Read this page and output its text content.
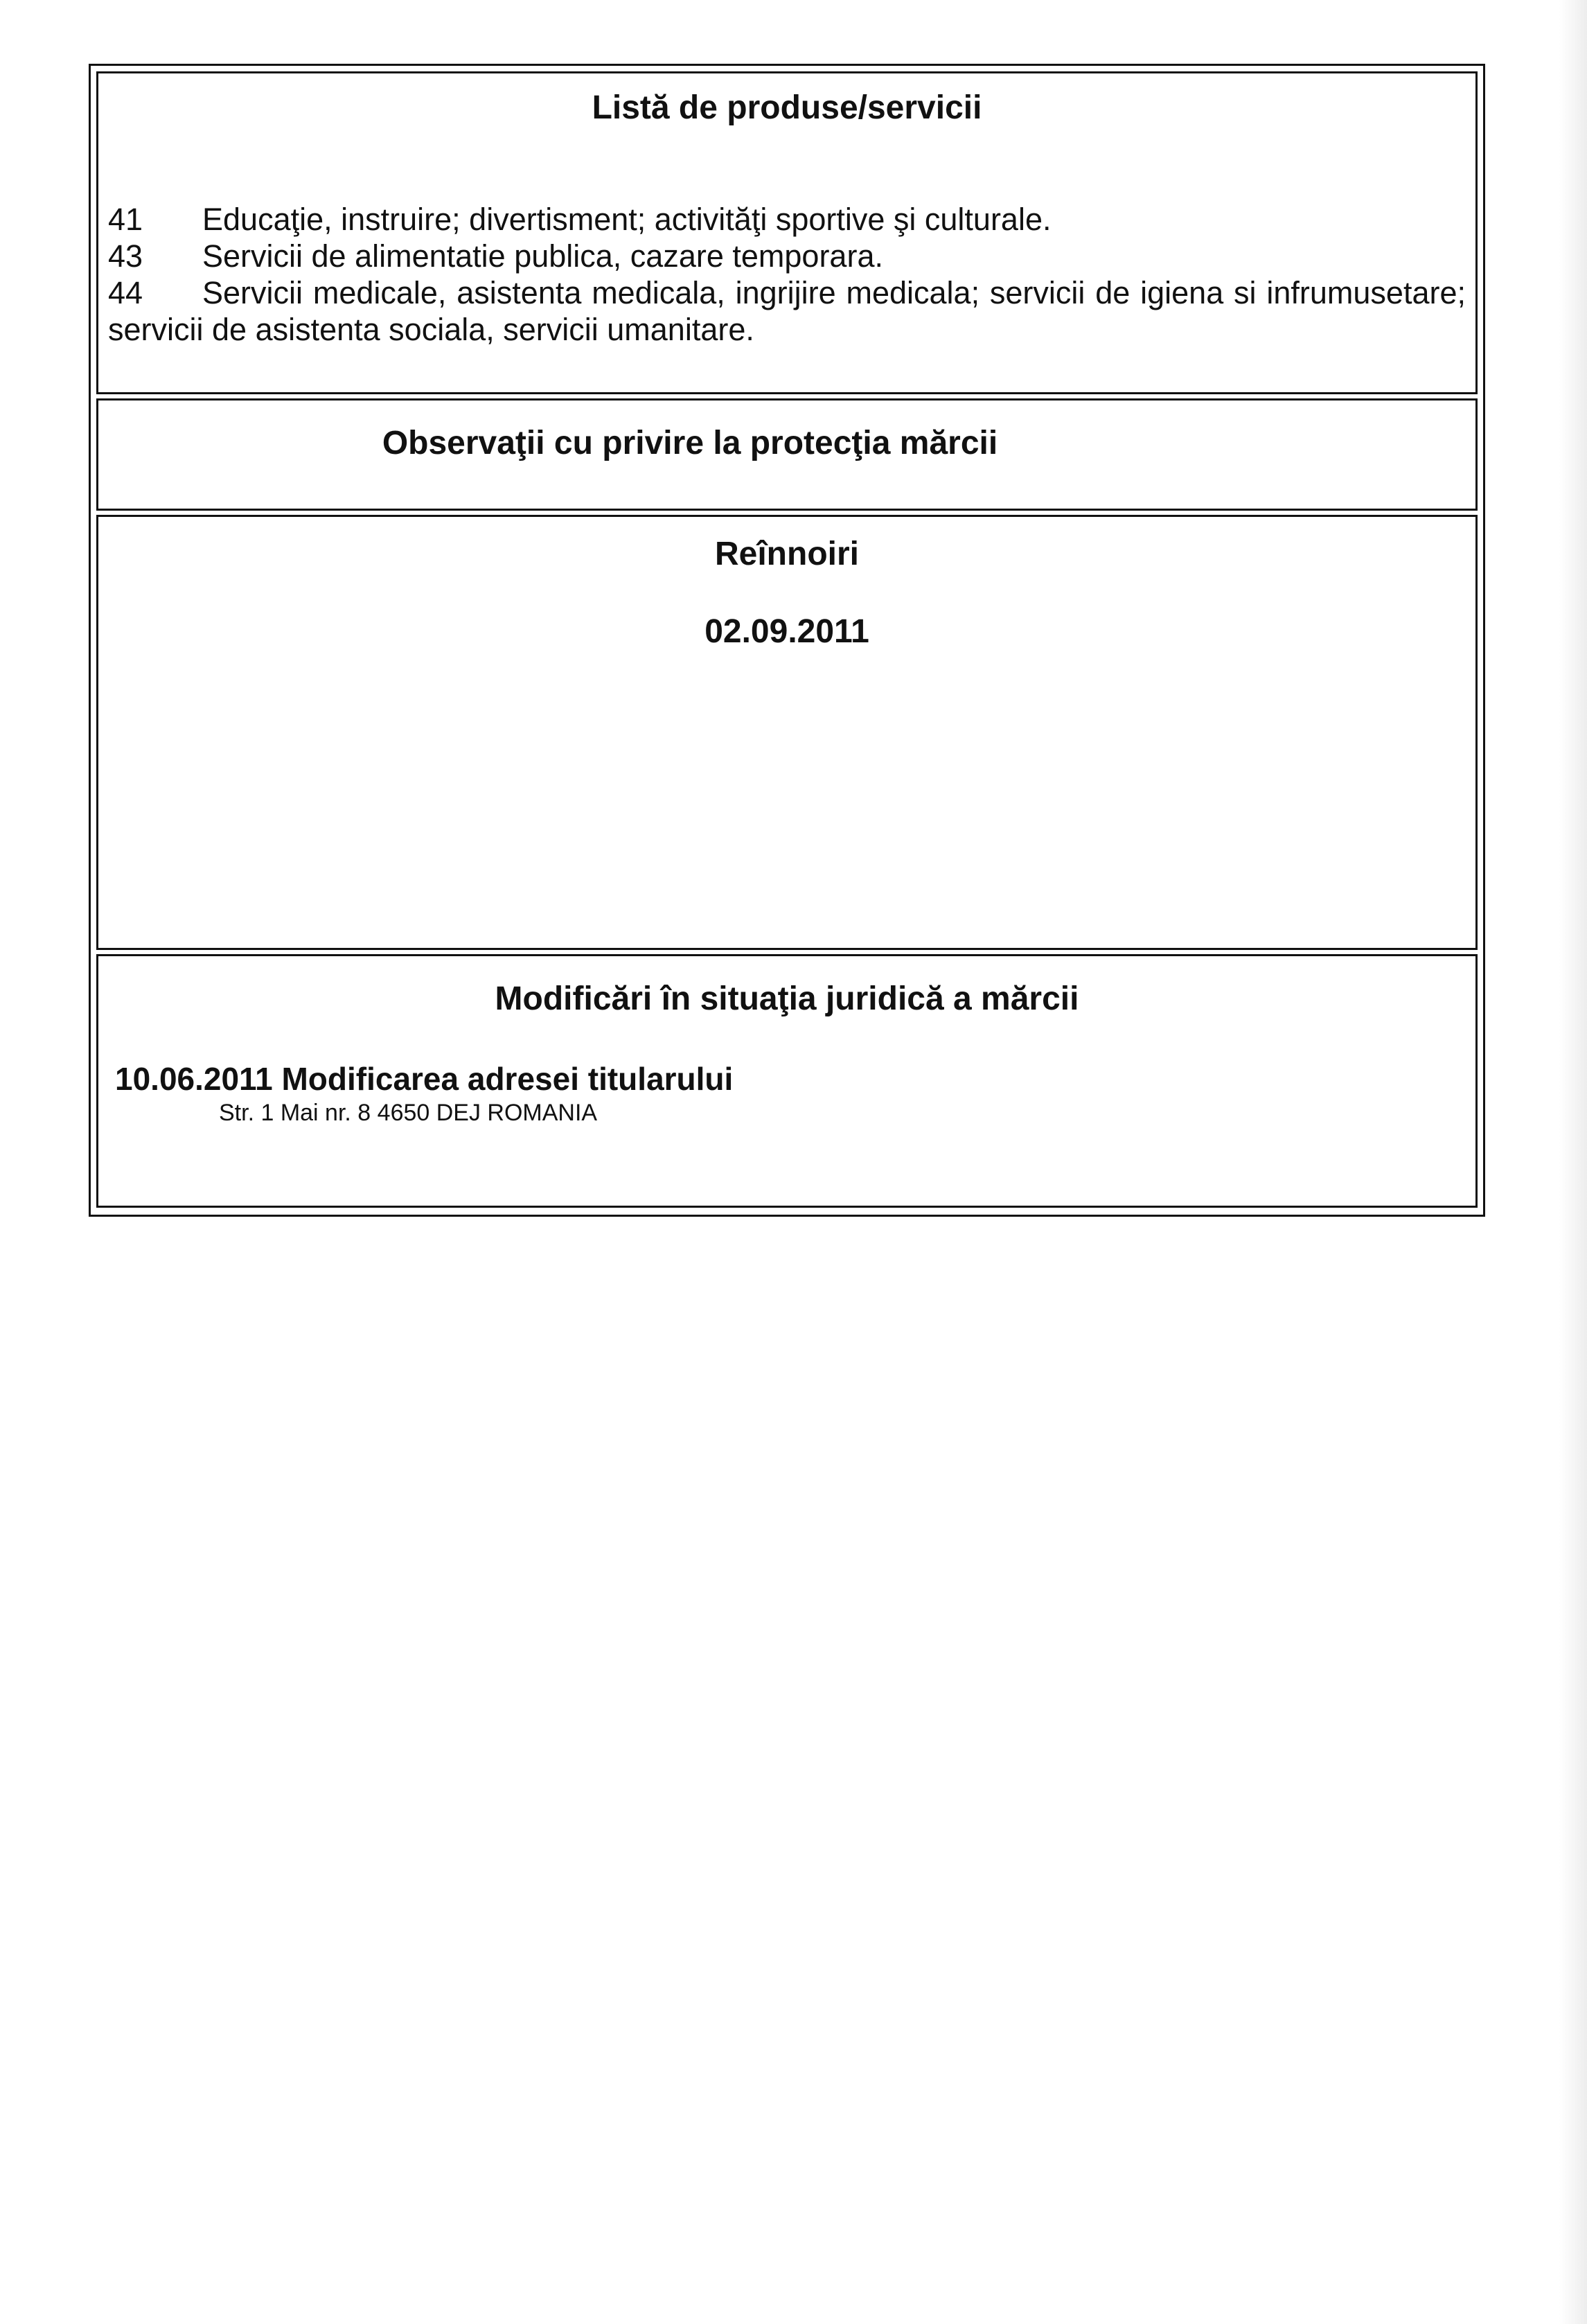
Listă de produse/servicii
41	Educaţie, instruire; divertisment; activităţi sportive şi culturale.
43	Servicii de alimentatie publica, cazare temporara.
44 Servicii medicale, asistenta medicala, ingrijire medicala; servicii de igiena si infrumusetare; servicii de asistenta sociala, servicii umanitare.
Observaţii cu privire la protecţia mărcii
Reînnoiri
02.09.2011
Modificări în situaţia juridică a mărcii
10.06.2011 Modificarea adresei titularului
Str. 1 Mai nr. 8 4650 DEJ ROMANIA
